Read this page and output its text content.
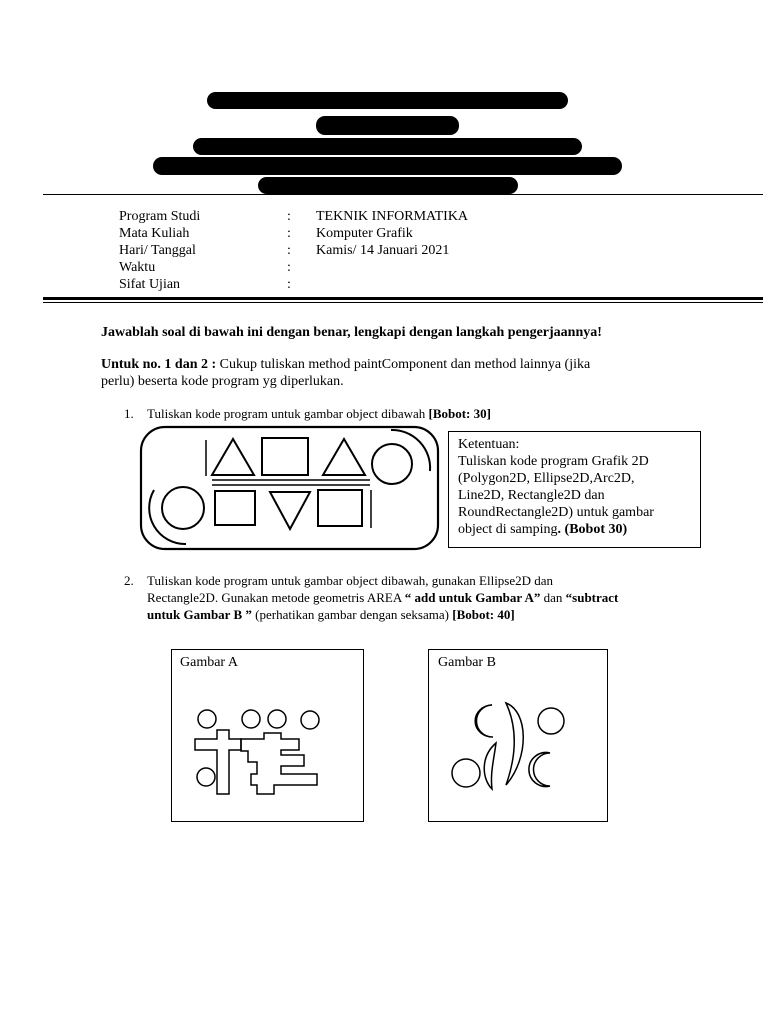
Program Studi	: TEKNIK INFORMATIKA
Mata Kuliah	: Komputer Grafik
Hari/ Tanggal	: Kamis/ 14 Januari 2021
Waktu	:
Sifat Ujian	:
Jawablah soal di bawah ini dengan benar, lengkapi dengan langkah pengerjaannya!
Untuk no. 1 dan 2 : Cukup tuliskan method paintComponent dan method lainnya (jika
perlu) beserta kode program yg diperlukan.
1. Tuliskan kode program untuk gambar object dibawah [Bobot: 30]
Ketentuan:
Tuliskan kode program Grafik 2D
(Polygon2D, Ellipse2D,Arc2D,
Line2D, Rectangle2D dan
RoundRectangle2D) untuk gambar
object di samping. (Bobot 30)
2. Tuliskan kode program untuk gambar object dibawah, gunakan Ellipse2D dan
Rectangle2D. Gunakan metode geometris AREA “ add untuk Gambar A” dan “subtract
untuk Gambar B ” (perhatikan gambar dengan seksama) [Bobot: 40]
Gambar A	Gambar B
